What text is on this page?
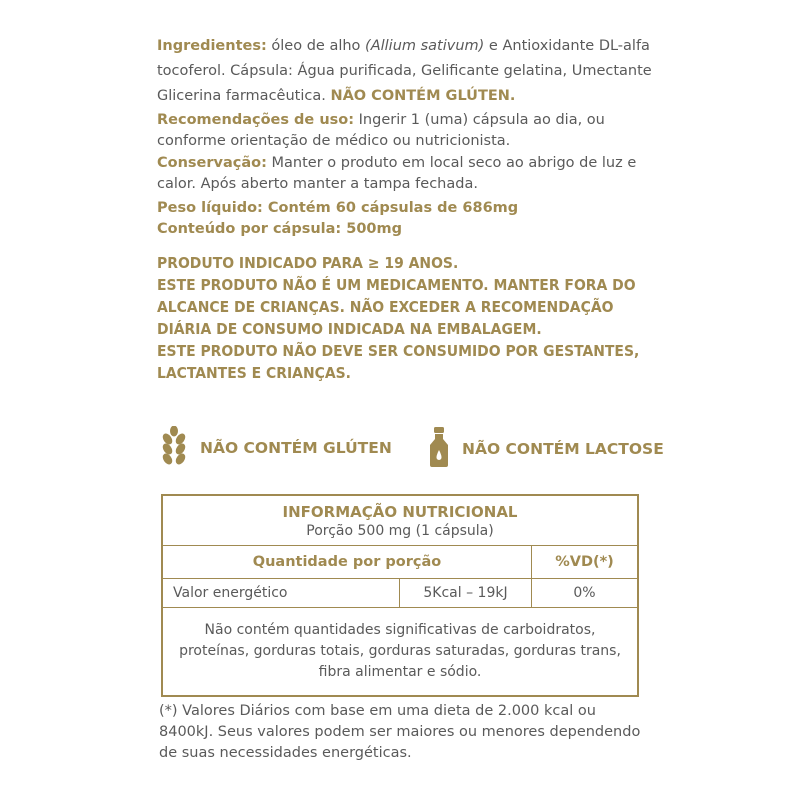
Ingredientes: óleo de alho (Allium sativum) e Antioxidante DL-alfa tocoferol. Cápsula: Água purificada, Gelificante gelatina, Umectante Glicerina farmacêutica. NÃO CONTÉM GLÚTEN.

Recomendações de uso: Ingerir 1 (uma) cápsula ao dia, ou conforme orientação de médico ou nutricionista.

Conservação: Manter o produto em local seco ao abrigo de luz e calor. Após aberto manter a tampa fechada.

Peso líquido: Contém 60 cápsulas de 686mg
Conteúdo por cápsula: 500mg

PRODUTO INDICADO PARA ≥ 19 ANOS.
ESTE PRODUTO NÃO É UM MEDICAMENTO. MANTER FORA DO
ALCANCE DE CRIANÇAS. NÃO EXCEDER A RECOMENDAÇÃO
DIÁRIA DE CONSUMO INDICADA NA EMBALAGEM.
ESTE PRODUTO NÃO DEVE SER CONSUMIDO POR GESTANTES,
LACTANTES E CRIANÇAS.
NÃO CONTÉM GLÚTEN	NÃO CONTÉM LACTOSE
INFORMAÇÃO NUTRICIONAL
Porção 500 mg (1 cápsula)
Quantidade por porção	%VD(*)
Valor energético	5Kcal – 19kJ	0%
Não contém quantidades significativas de carboidratos, proteínas, gorduras totais, gorduras saturadas, gorduras trans, fibra alimentar e sódio.
(*) Valores Diários com base em uma dieta de 2.000 kcal ou 8400kJ. Seus valores podem ser maiores ou menores dependendo de suas necessidades energéticas.
